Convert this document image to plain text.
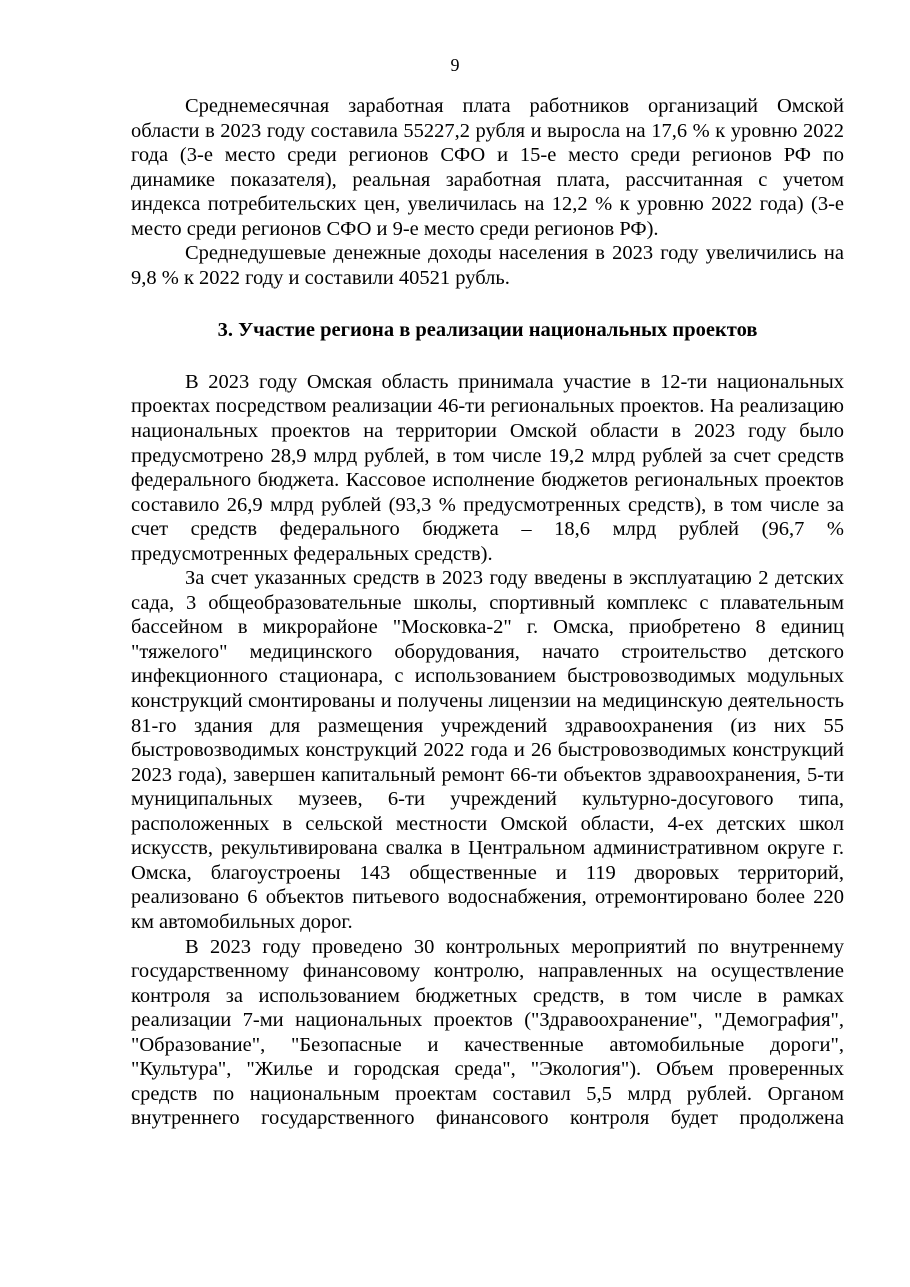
9

Среднемесячная заработная плата работников организаций Омской области в 2023 году составила 55227,2 рубля и выросла на 17,6 % к уровню 2022 года (3-е место среди регионов СФО и 15-е место среди регионов РФ по динамике показателя), реальная заработная плата, рассчитанная с учетом индекса потребительских цен, увеличилась на 12,2 % к уровню 2022 года) (3-е место среди регионов СФО и 9-е место среди регионов РФ).

Среднедушевые денежные доходы населения в 2023 году увеличились на 9,8 % к 2022 году и составили 40521 рубль.

3. Участие региона в реализации национальных проектов

В 2023 году Омская область принимала участие в 12-ти национальных проектах посредством реализации 46-ти региональных проектов. На реализацию национальных проектов на территории Омской области в 2023 году было предусмотрено 28,9 млрд рублей, в том числе 19,2 млрд рублей за счет средств федерального бюджета. Кассовое исполнение бюджетов региональных проектов составило 26,9 млрд рублей (93,3 % предусмотренных средств), в том числе за счет средств федерального бюджета – 18,6 млрд рублей (96,7 % предусмотренных федеральных средств).

За счет указанных средств в 2023 году введены в эксплуатацию 2 детских сада, 3 общеобразовательные школы, спортивный комплекс с плавательным бассейном в микрорайоне "Московка-2" г. Омска, приобретено 8 единиц "тяжелого" медицинского оборудования, начато строительство детского инфекционного стационара, с использованием быстровозводимых модульных конструкций смонтированы и получены лицензии на медицинскую деятельность 81-го здания для размещения учреждений здравоохранения (из них 55 быстровозводимых конструкций 2022 года и 26 быстровозводимых конструкций 2023 года), завершен капитальный ремонт 66-ти объектов здравоохранения, 5-ти муниципальных музеев, 6-ти учреждений культурно-досугового типа, расположенных в сельской местности Омской области, 4-ех детских школ искусств, рекультивирована свалка в Центральном административном округе г. Омска, благоустроены 143 общественные и 119 дворовых территорий, реализовано 6 объектов питьевого водоснабжения, отремонтировано более 220 км автомобильных дорог.

В 2023 году проведено 30 контрольных мероприятий по внутреннему государственному финансовому контролю, направленных на осуществление контроля за использованием бюджетных средств, в том числе в рамках реализации 7-ми национальных проектов ("Здравоохранение", "Демография", "Образование", "Безопасные и качественные автомобильные дороги", "Культура", "Жилье и городская среда", "Экология"). Объем проверенных средств по национальным проектам составил 5,5 млрд рублей. Органом внутреннего государственного финансового контроля будет продолжена
